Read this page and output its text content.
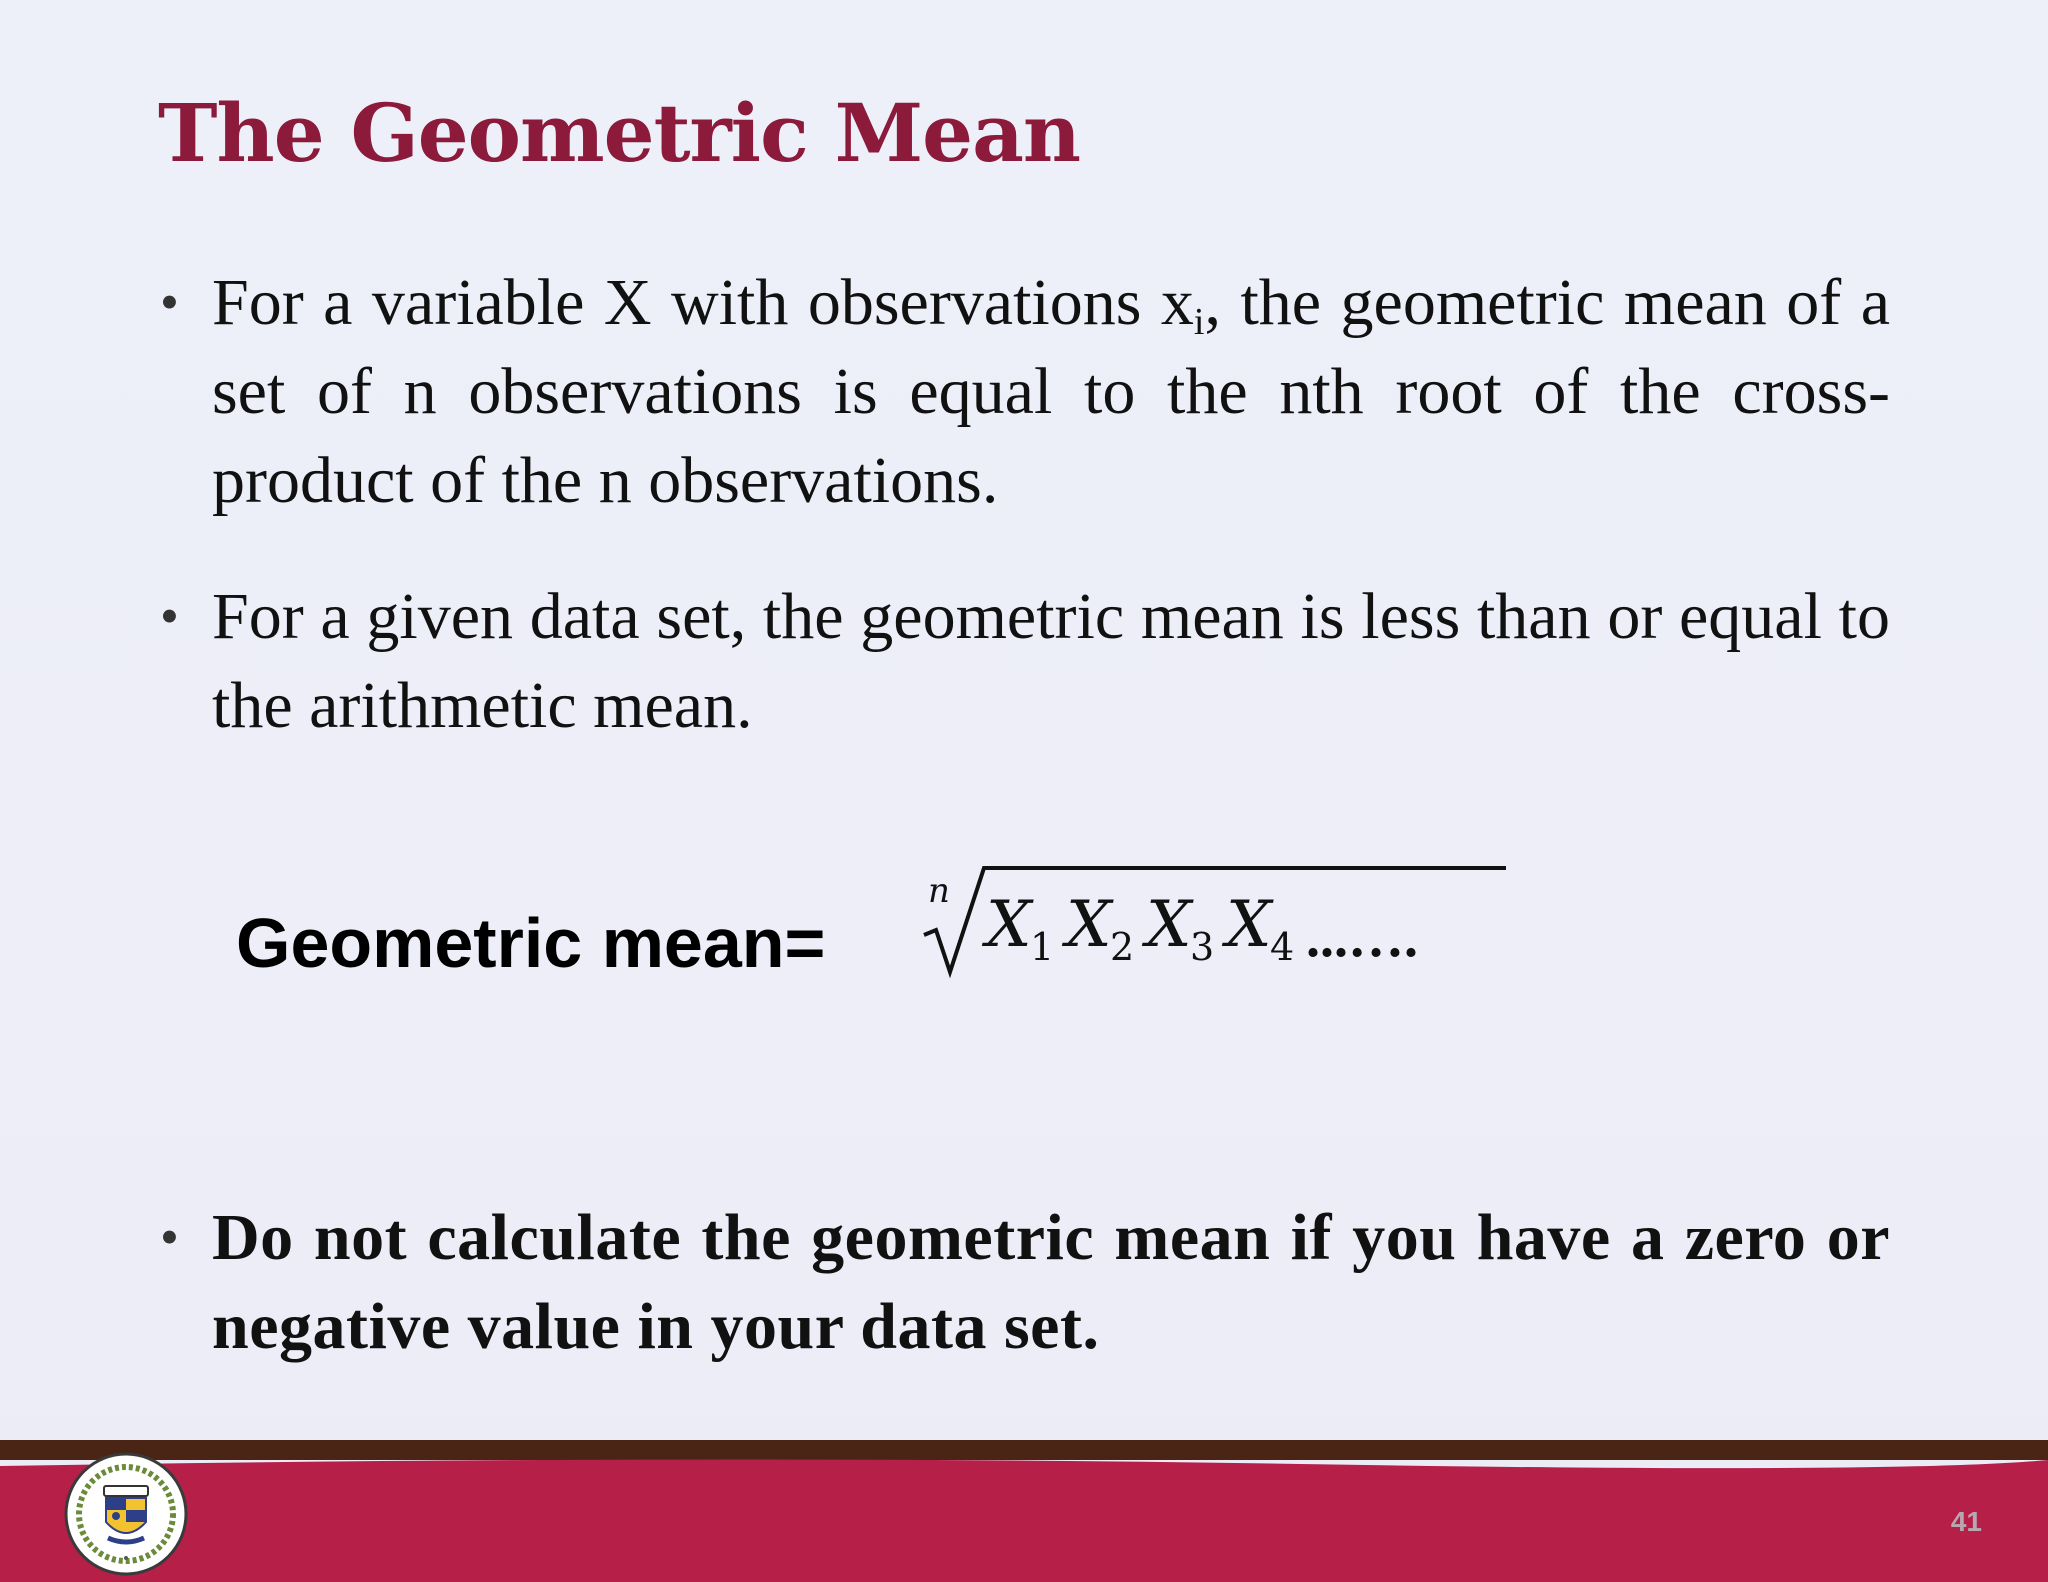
The Geometric Mean
• For a variable X with observations $x_i$, the geometric mean of a set of n observations is equal to the nth root of the cross-product of the n observations.
• For a given data set, the geometric mean is less than or equal to the arithmetic mean.
Geometric mean=
n X
1 X
2 X
3 X
4 ...….
• Do not calculate the geometric mean if you have a zero or negative value in your data set.
41
